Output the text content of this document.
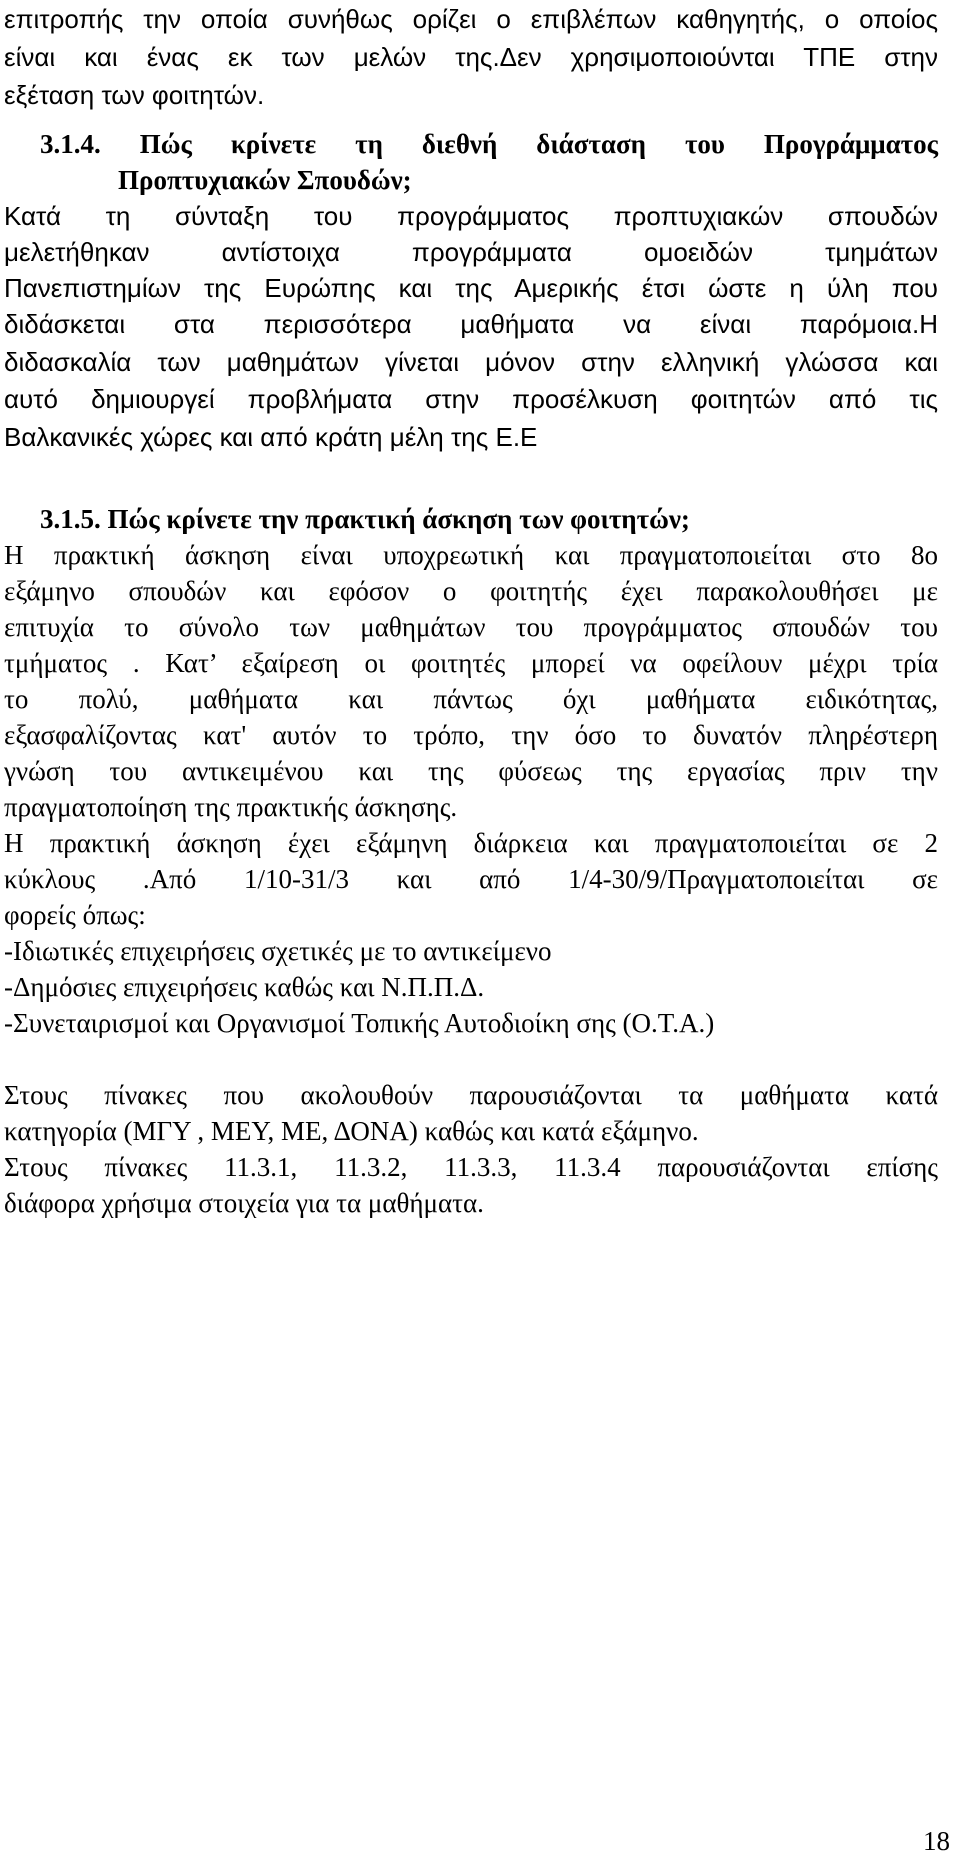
επιτροπής την οποία συνήθως ορίζει ο επιβλέπων καθηγητής, ο οποίος
είναι και ένας εκ των μελών της.Δεν χρησιμοποιούνται ΤΠΕ στην
εξέταση των φοιτητών.
3.1.4. Πώς κρίνετε τη διεθνή διάσταση του Προγράμματος
Προπτυχιακών Σπουδών;
Κατά τη σύνταξη του προγράμματος προπτυχιακών σπουδών
μελετήθηκαν αντίστοιχα προγράμματα ομοειδών τμημάτων
Πανεπιστημίων της Ευρώπης και της Αμερικής έτσι ώστε η ύλη που
διδάσκεται στα περισσότερα μαθήματα να είναι παρόμοια.Η
διδασκαλία των μαθημάτων γίνεται μόνον στην ελληνική γλώσσα και
αυτό δημιουργεί προβλήματα στην προσέλκυση φοιτητών από τις
Βαλκανικές χώρες και από κράτη μέλη της Ε.Ε
3.1.5. Πώς κρίνετε την πρακτική άσκηση των φοιτητών;
Η πρακτική άσκηση είναι υποχρεωτική και πραγματοποιείται στο 8ο
εξάμηνο σπουδών και εφόσον ο φοιτητής έχει παρακολουθήσει με
επιτυχία το σύνολο των μαθημάτων του προγράμματος σπουδών του
τμήματος . Κατ’ εξαίρεση οι φοιτητές μπορεί να οφείλουν μέχρι τρία
το πολύ, μαθήματα και πάντως όχι μαθήματα ειδικότητας,
εξασφαλίζοντας κατ' αυτόν το τρόπο, την όσο το δυνατόν πληρέστερη
γνώση του αντικειμένου και της φύσεως της εργασίας πριν την
πραγματοποίηση της πρακτικής άσκησης.
Η πρακτική άσκηση έχει εξάμηνη διάρκεια και πραγματοποιείται σε 2
κύκλους .Από 1/10-31/3 και από 1/4-30/9/Πραγματοποιείται σε
φορείς όπως:
-Ιδιωτικές επιχειρήσεις σχετικές με το αντικείμενο
-Δημόσιες επιχειρήσεις καθώς και Ν.Π.Π.Δ.
-Συνεταιρισμοί και Οργανισμοί Τοπικής Αυτοδιοίκη σης (Ο.Τ.Α.)
Στους πίνακες που ακολουθούν παρουσιάζονται τα μαθήματα κατά
κατηγορία (ΜΓΥ , ΜΕΥ, ΜΕ, ΔΟΝΑ) καθώς και κατά εξάμηνο.
Στους πίνακες 11.3.1, 11.3.2, 11.3.3, 11.3.4 παρουσιάζονται επίσης
διάφορα χρήσιμα στοιχεία για τα μαθήματα.
18
